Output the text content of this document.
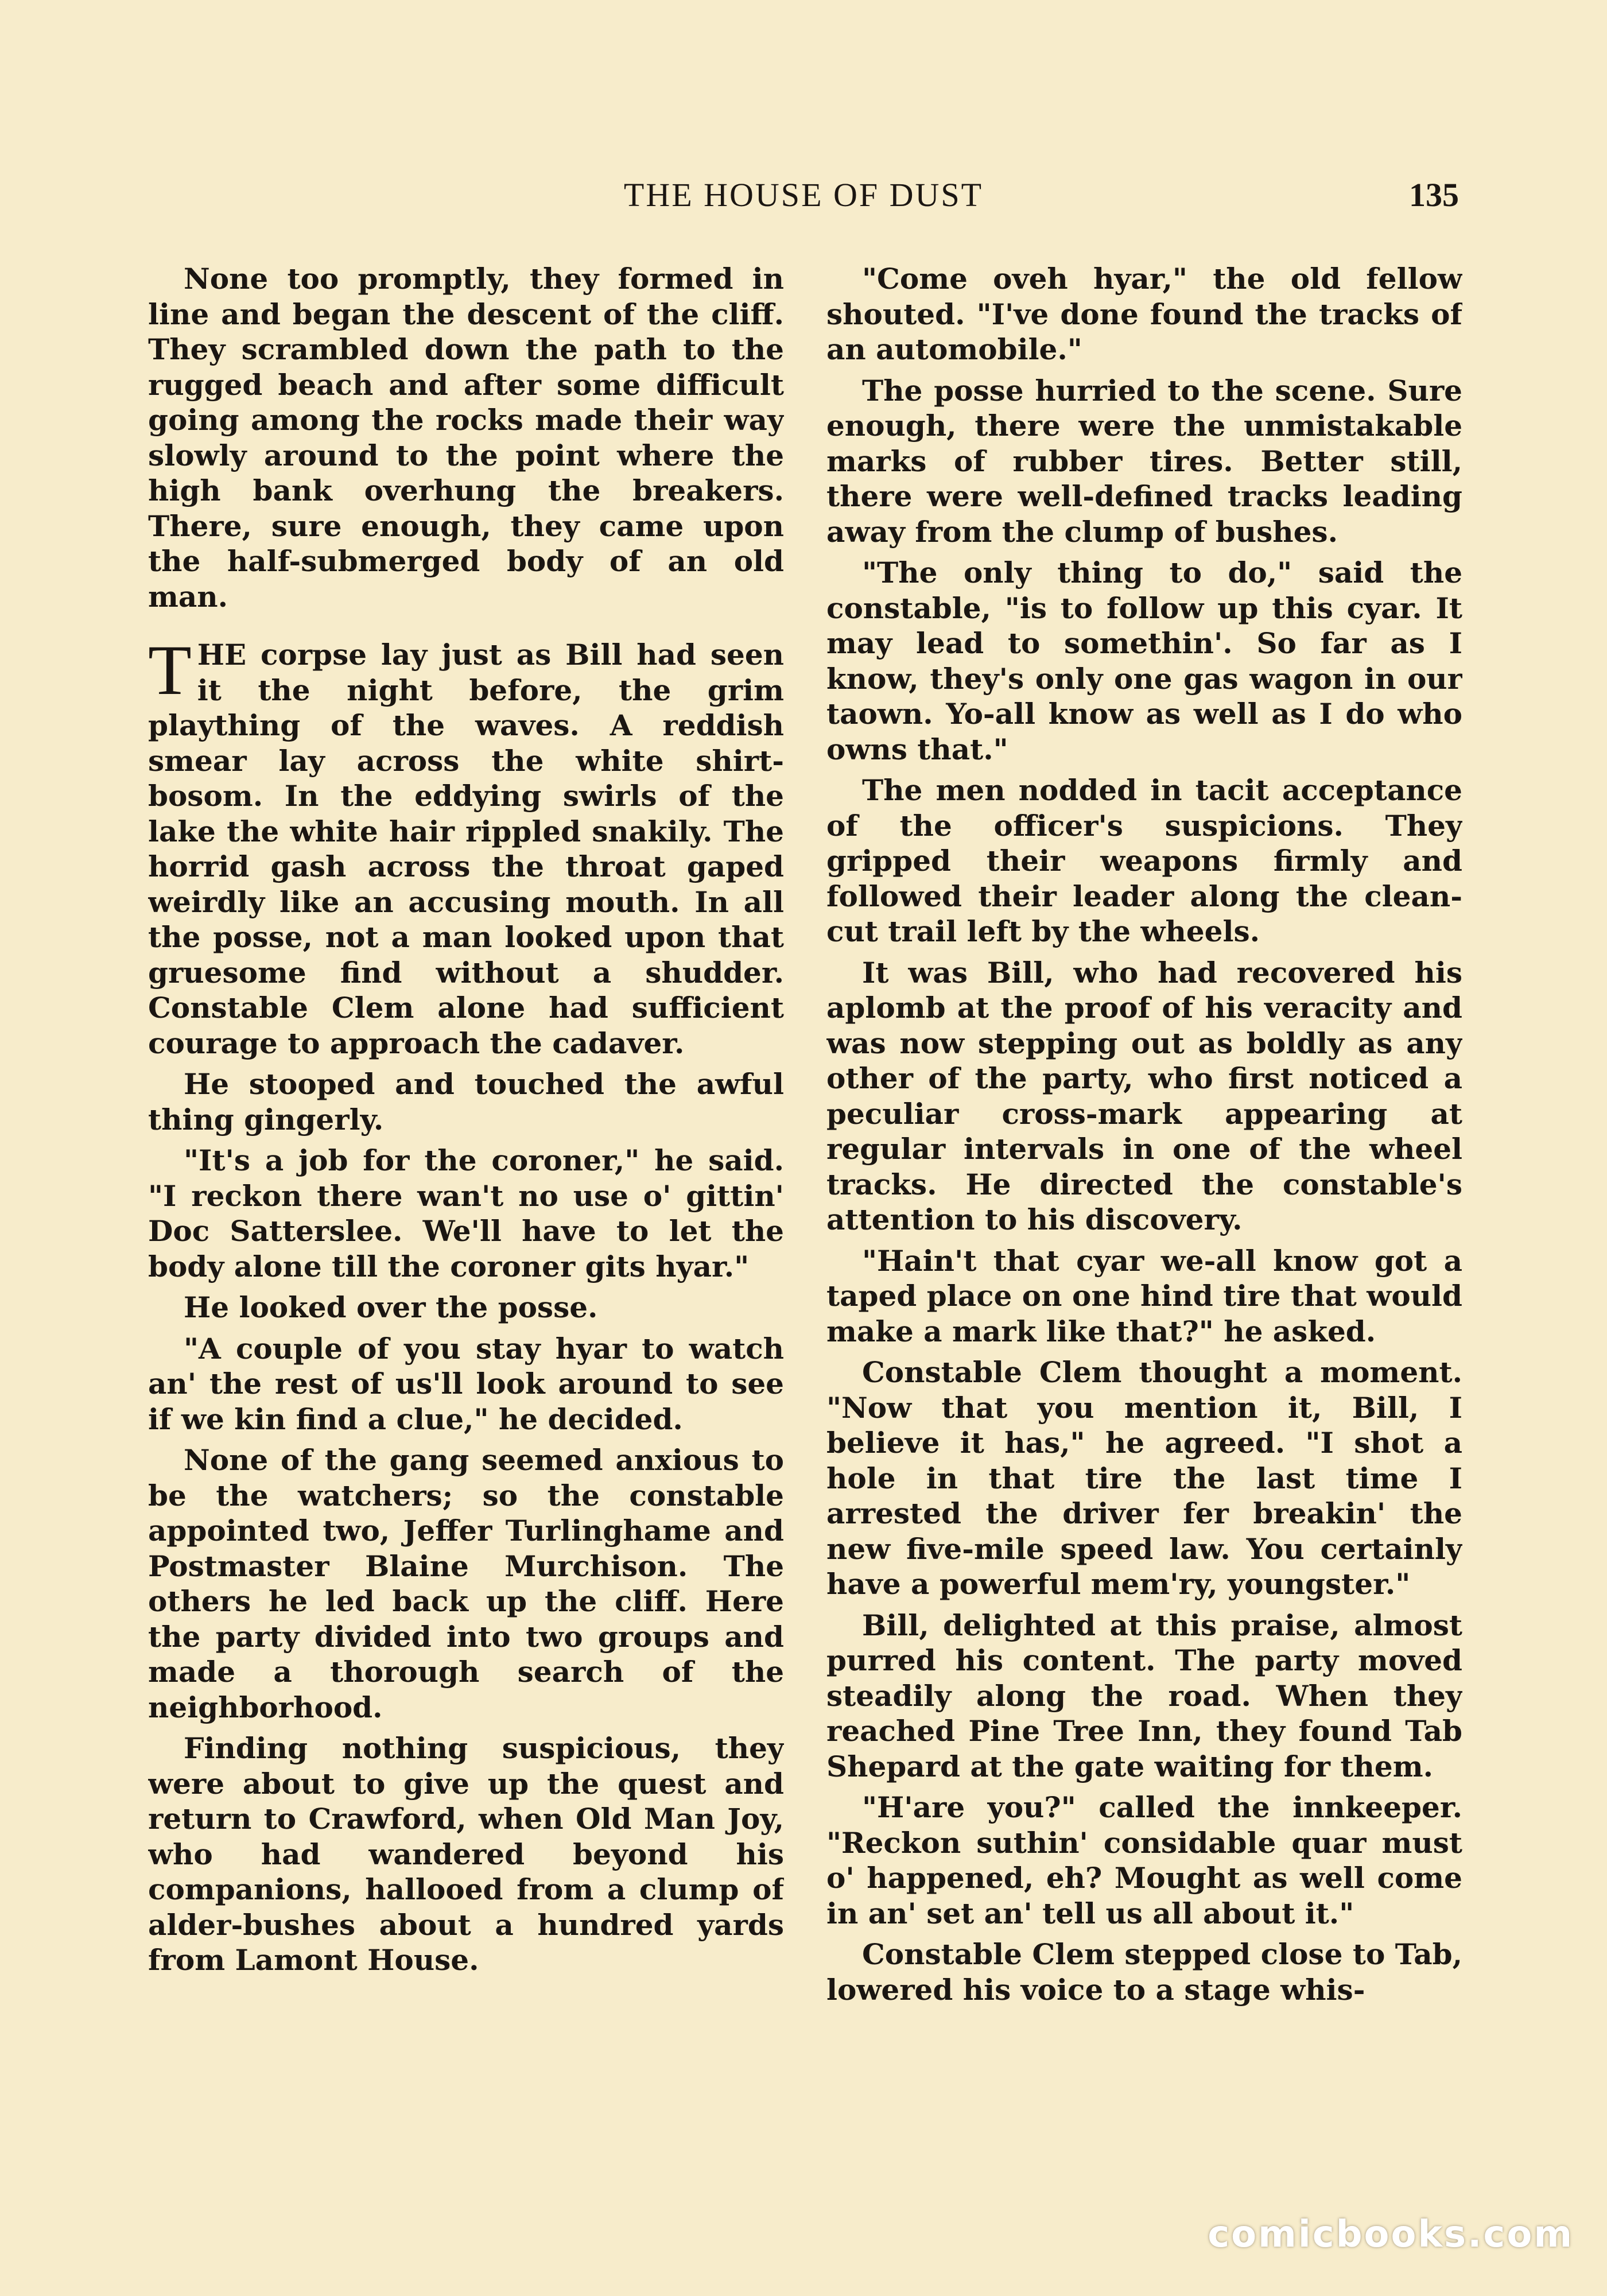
THE HOUSE OF DUST	135

None too promptly, they formed in line and began the descent of the cliff. They scrambled down the path to the rugged beach and after some difficult going among the rocks made their way slowly around to the point where the high bank overhung the breakers. There, sure enough, they came upon the half-submerged body of an old man.

THE corpse lay just as Bill had seen it the night before, the grim plaything of the waves. A reddish smear lay across the white shirt-bosom. In the eddying swirls of the lake the white hair rippled snakily. The horrid gash across the throat gaped weirdly like an accusing mouth. In all the posse, not a man looked upon that gruesome find without a shudder. Constable Clem alone had sufficient courage to approach the cadaver.

He stooped and touched the awful thing gingerly.

"It's a job for the coroner," he said. "I reckon there wan't no use o' gittin' Doc Satterslee. We'll have to let the body alone till the coroner gits hyar."

He looked over the posse.

"A couple of you stay hyar to watch an' the rest of us'll look around to see if we kin find a clue," he decided.

None of the gang seemed anxious to be the watchers; so the constable appointed two, Jeffer Turlinghame and Postmaster Blaine Murchison. The others he led back up the cliff. Here the party divided into two groups and made a thorough search of the neighborhood.

Finding nothing suspicious, they were about to give up the quest and return to Crawford, when Old Man Joy, who had wandered beyond his companions, hallooed from a clump of alder-bushes about a hundred yards from Lamont House.

"Come oveh hyar," the old fellow shouted. "I've done found the tracks of an automobile."

The posse hurried to the scene. Sure enough, there were the unmistakable marks of rubber tires. Better still, there were well-defined tracks leading away from the clump of bushes.

"The only thing to do," said the constable, "is to follow up this cyar. It may lead to somethin'. So far as I know, they's only one gas wagon in our taown. Yo-all know as well as I do who owns that."

The men nodded in tacit acceptance of the officer's suspicions. They gripped their weapons firmly and followed their leader along the clean-cut trail left by the wheels.

It was Bill, who had recovered his aplomb at the proof of his veracity and was now stepping out as boldly as any other of the party, who first noticed a peculiar cross-mark appearing at regular intervals in one of the wheel tracks. He directed the constable's attention to his discovery.

"Hain't that cyar we-all know got a taped place on one hind tire that would make a mark like that?" he asked.

Constable Clem thought a moment. "Now that you mention it, Bill, I believe it has," he agreed. "I shot a hole in that tire the last time I arrested the driver fer breakin' the new five-mile speed law. You certainly have a powerful mem'ry, youngster."

Bill, delighted at this praise, almost purred his content. The party moved steadily along the road. When they reached Pine Tree Inn, they found Tab Shepard at the gate waiting for them.

"H'are you?" called the innkeeper. "Reckon suthin' considable quar must o' happened, eh? Mought as well come in an' set an' tell us all about it."

Constable Clem stepped close to Tab, lowered his voice to a stage whis-

comicbooks.com
